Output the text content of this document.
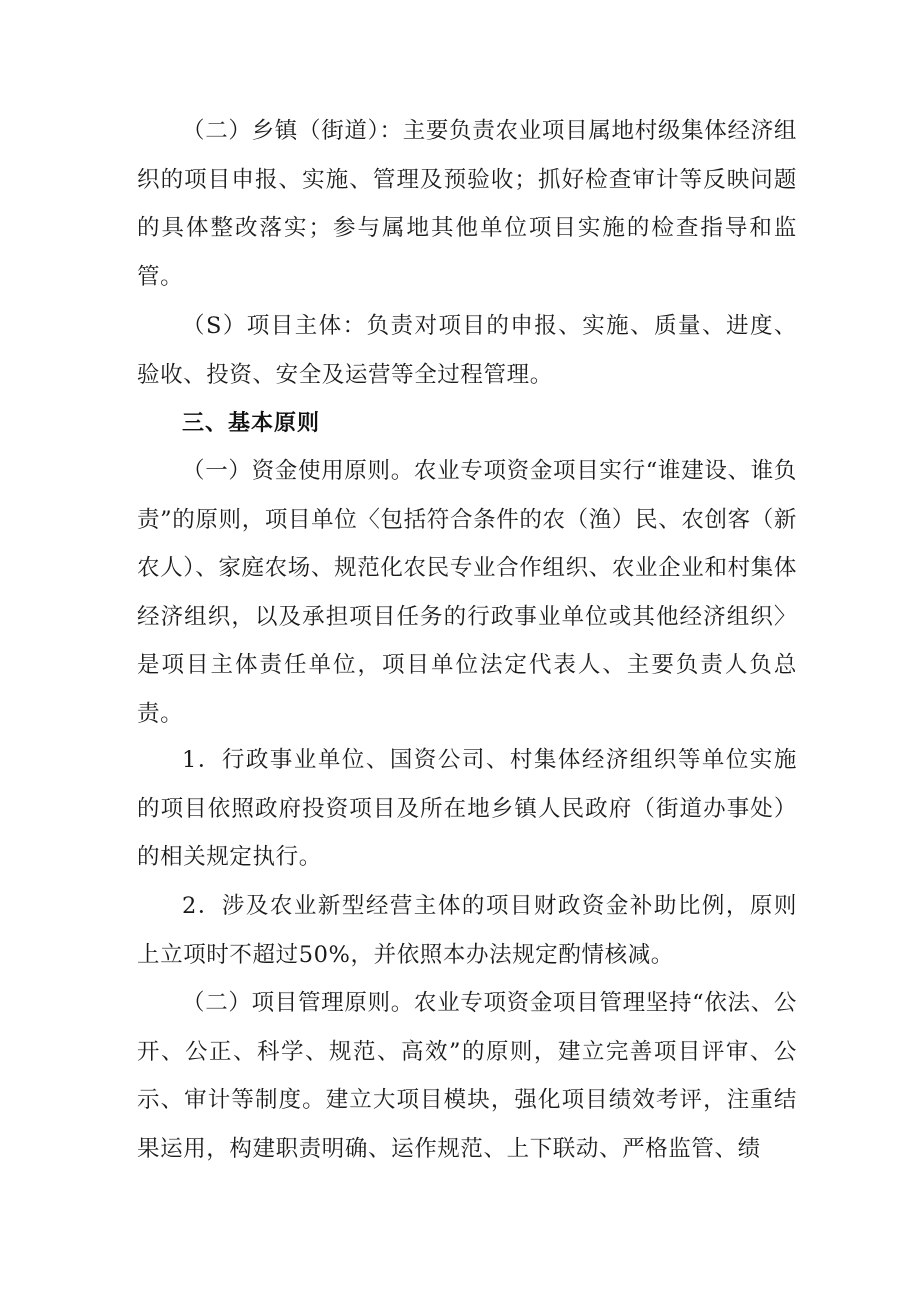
（二）乡镇（街道）：主要负责农业项目属地村级集体经济组织的项目申报、实施、管理及预验收；抓好检查审计等反映问题的具体整改落实；参与属地其他单位项目实施的检查指导和监管。

（S）项目主体：负责对项目的申报、实施、质量、进度、验收、投资、安全及运营等全过程管理。

三、基本原则

（一）资金使用原则。农业专项资金项目实行“谁建设、谁负责”的原则，项目单位〈包括符合条件的农（渔）民、农创客（新农人）、家庭农场、规范化农民专业合作组织、农业企业和村集体经济组织，以及承担项目任务的行政事业单位或其他经济组织〉是项目主体责任单位，项目单位法定代表人、主要负责人负总责。

1．行政事业单位、国资公司、村集体经济组织等单位实施的项目依照政府投资项目及所在地乡镇人民政府（街道办事处）的相关规定执行。

2．涉及农业新型经营主体的项目财政资金补助比例，原则上立项时不超过50%，并依照本办法规定酌情核减。

（二）项目管理原则。农业专项资金项目管理坚持“依法、公开、公正、科学、规范、高效”的原则，建立完善项目评审、公示、审计等制度。建立大项目模块，强化项目绩效考评，注重结果运用，构建职责明确、运作规范、上下联动、严格监管、绩
